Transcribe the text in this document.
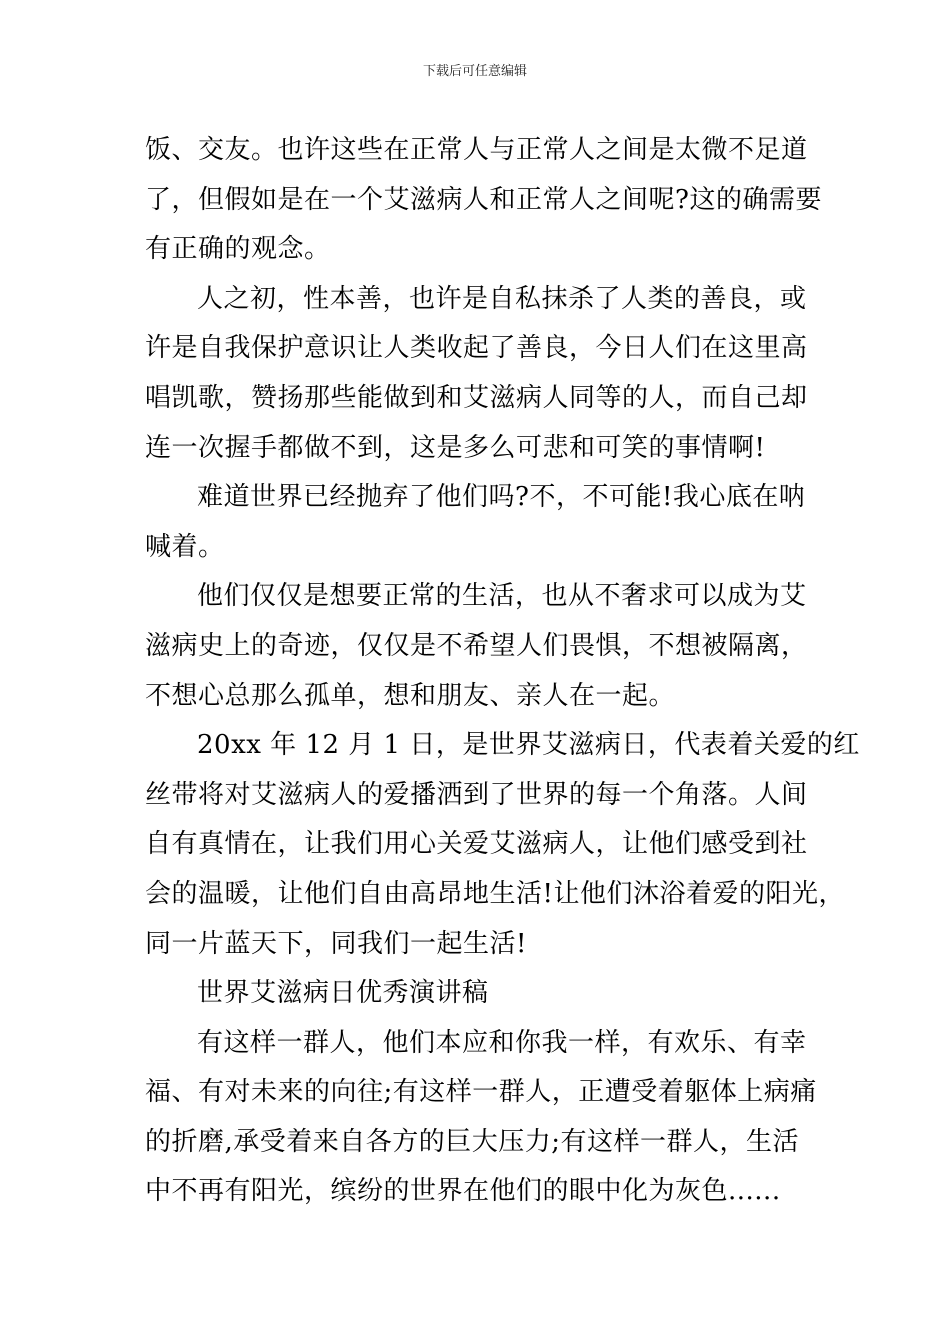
下载后可任意编辑
饭、交友。也许这些在正常人与正常人之间是太微不足道
了，但假如是在一个艾滋病人和正常人之间呢?这的确需要
有正确的观念。
人之初，性本善，也许是自私抹杀了人类的善良，或
许是自我保护意识让人类收起了善良，今日人们在这里高
唱凯歌，赞扬那些能做到和艾滋病人同等的人，而自己却
连一次握手都做不到，这是多么可悲和可笑的事情啊!
难道世界已经抛弃了他们吗?不，不可能!我心底在呐
喊着。
他们仅仅是想要正常的生活，也从不奢求可以成为艾
滋病史上的奇迹，仅仅是不希望人们畏惧，不想被隔离，
不想心总那么孤单，想和朋友、亲人在一起。
20xx 年 12 月 1 日，是世界艾滋病日，代表着关爱的红
丝带将对艾滋病人的爱播洒到了世界的每一个角落。人间
自有真情在，让我们用心关爱艾滋病人，让他们感受到社
会的温暖，让他们自由高昂地生活!让他们沐浴着爱的阳光，
同一片蓝天下，同我们一起生活!
世界艾滋病日优秀演讲稿
有这样一群人，他们本应和你我一样，有欢乐、有幸
福、有对未来的向往;有这样一群人，正遭受着躯体上病痛
的折磨,承受着来自各方的巨大压力;有这样一群人，生活
中不再有阳光，缤纷的世界在他们的眼中化为灰色......
